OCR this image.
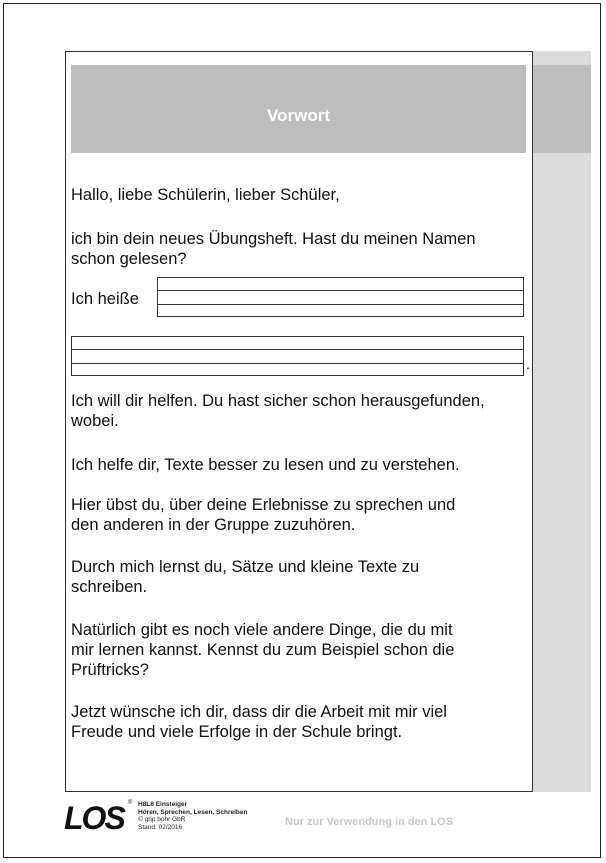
Vorwort
Hallo, liebe Schülerin, lieber Schüler,
ich bin dein neues Übungsheft. Hast du meinen Namen
schon gelesen?
Ich heiße
.
Ich will dir helfen. Du hast sicher schon herausgefunden,
wobei.
Ich helfe dir, Texte besser zu lesen und zu verstehen.
Hier übst du, über deine Erlebnisse zu sprechen und
den anderen in der Gruppe zuzuhören.
Durch mich lernst du, Sätze und kleine Texte zu
schreiben.
Natürlich gibt es noch viele andere Dinge, die du mit
mir lernen kannst. Kennst du zum Beispiel schon die
Prüftricks?
Jetzt wünsche ich dir, dass dir die Arbeit mit mir viel
Freude und viele Erfolge in der Schule bringt.
LOS ® H8L8 Einsteiger
Hören, Sprechen, Lesen, Schreiben
© grip bohr GbR
Stand: 02/2016	Nur zur Verwendung in den LOS
